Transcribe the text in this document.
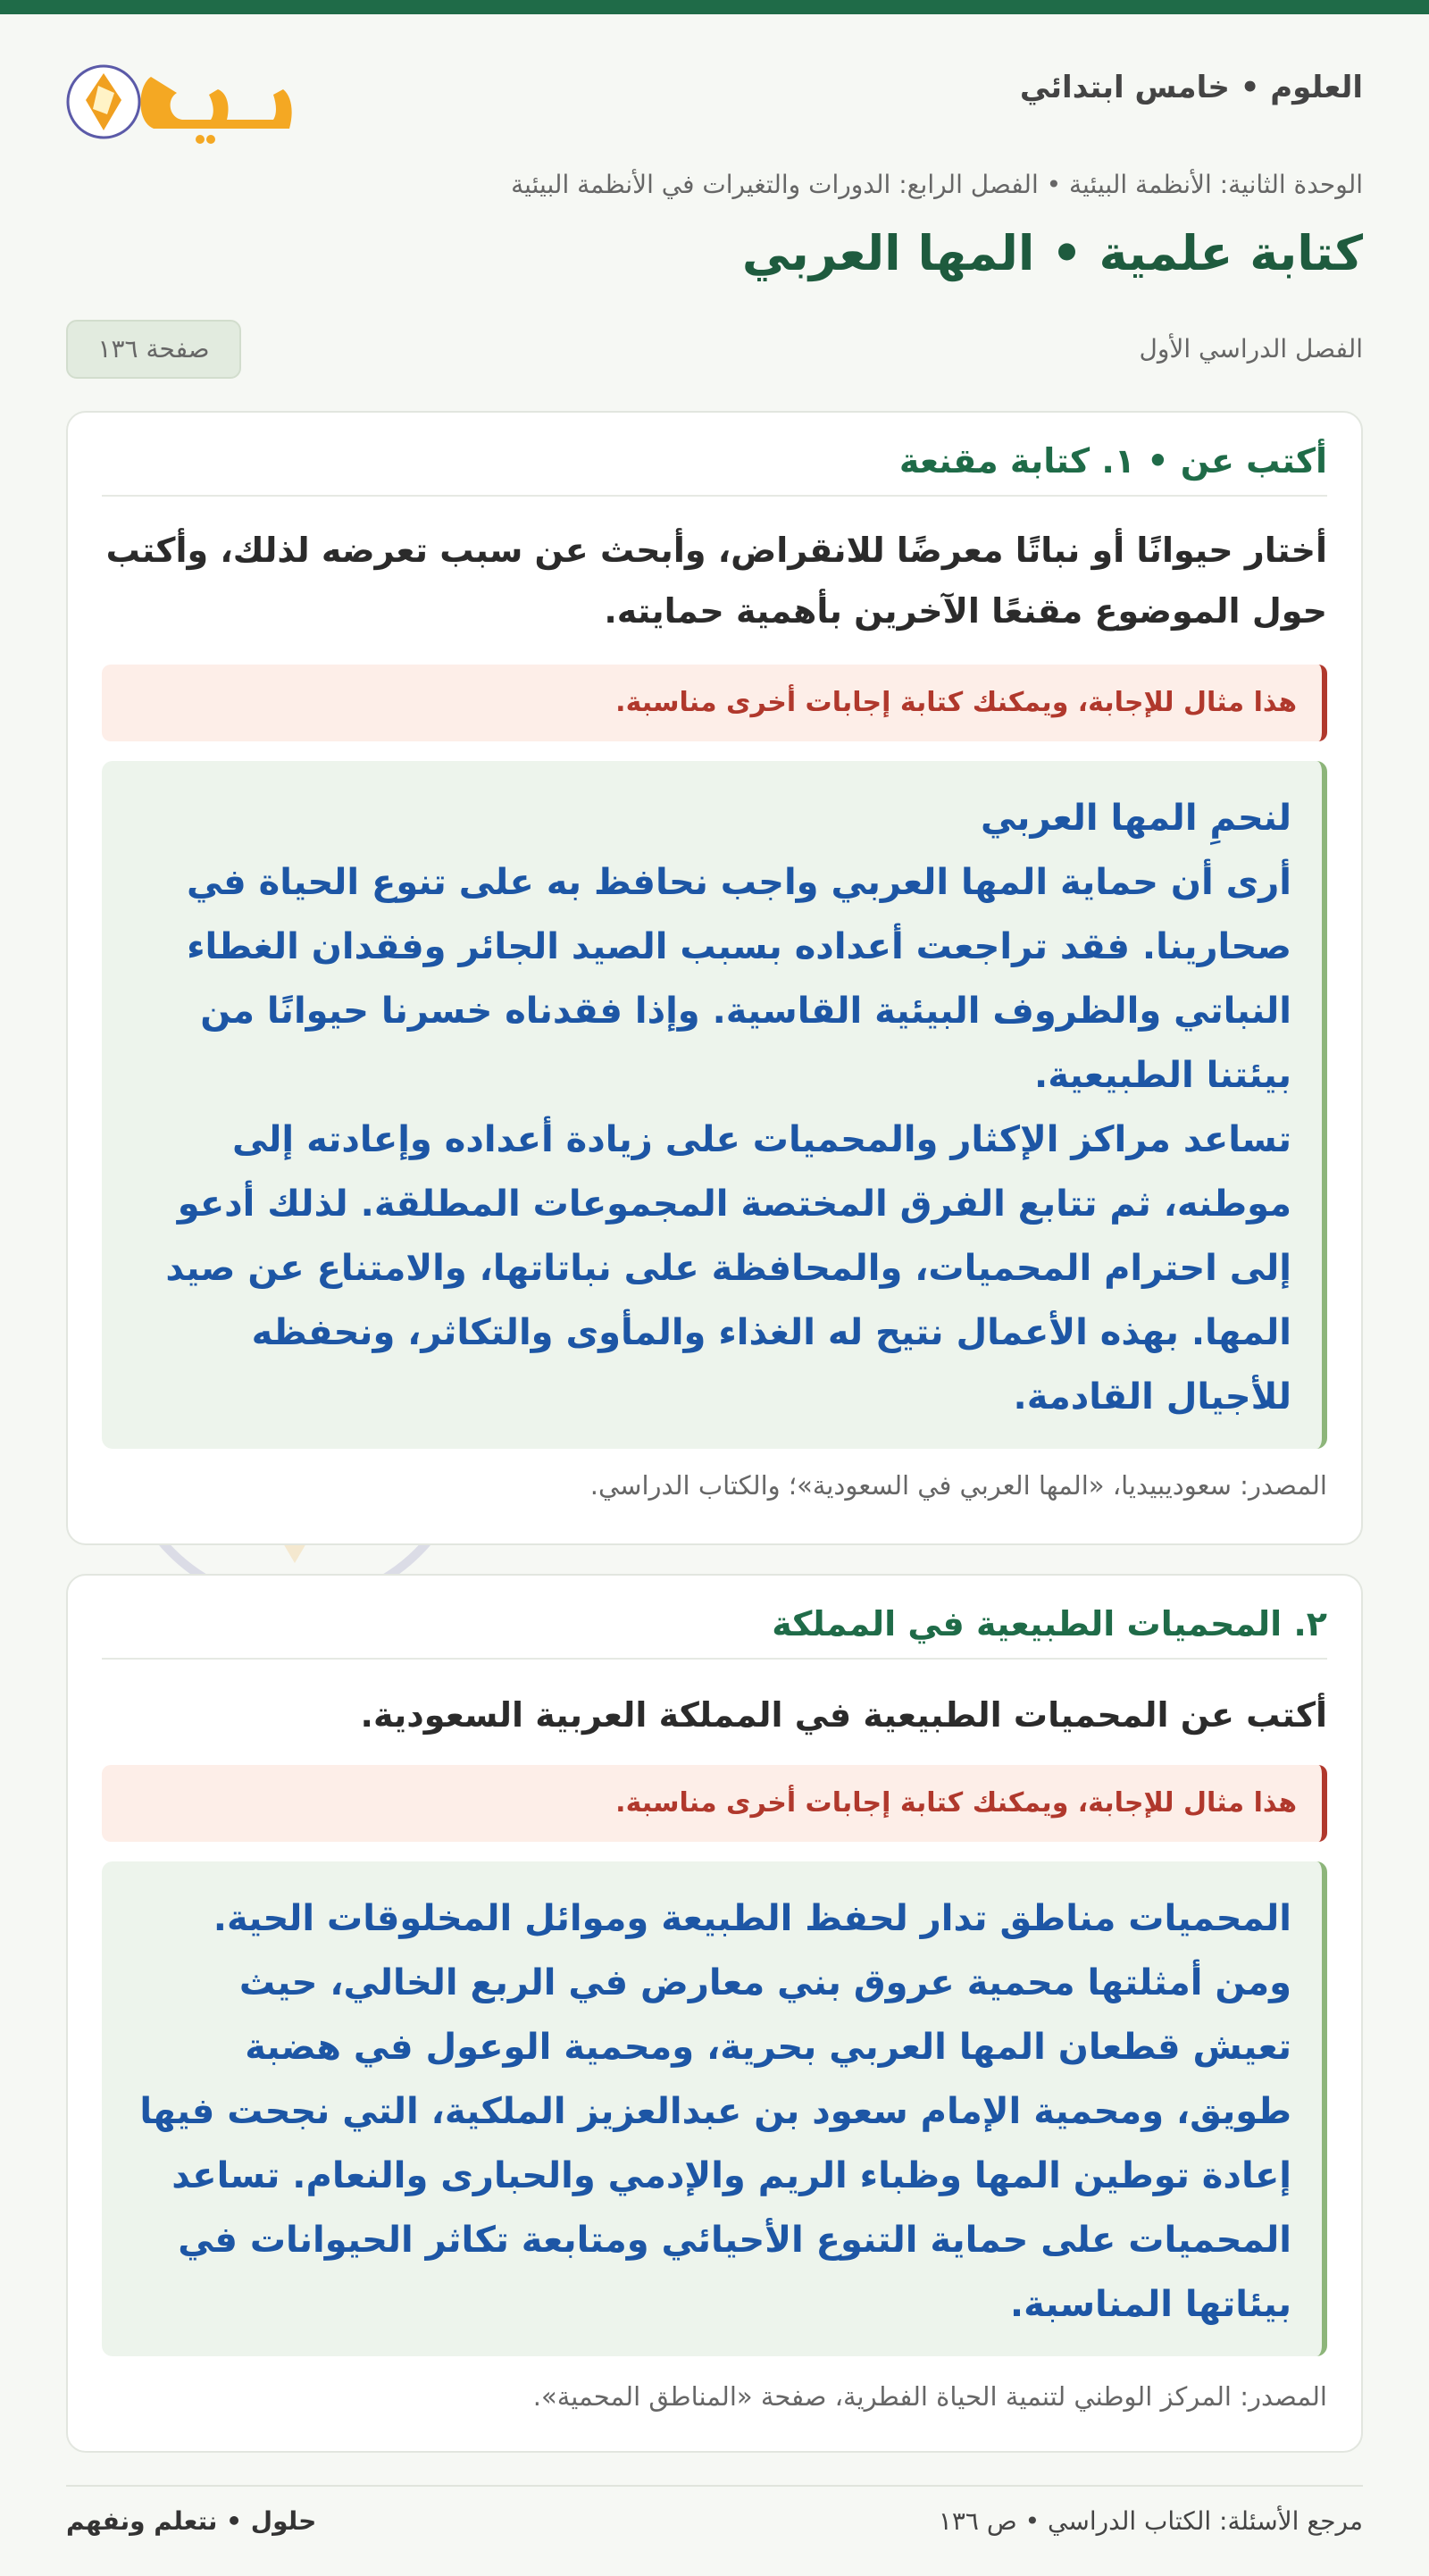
العلوم • خامس ابتدائي
الوحدة الثانية: الأنظمة البيئية • الفصل الرابع: الدورات والتغيرات في الأنظمة البيئية
كتابة علمية • المها العربي
الفصل الدراسي الأول
صفحة ١٣٦
أكتب عن • ١. كتابة مقنعة
أختار حيوانًا أو نباتًا معرضًا للانقراض، وأبحث عن سبب تعرضه لذلك، وأكتب حول الموضوع مقنعًا الآخرين بأهمية حمايته.
هذا مثال للإجابة، ويمكنك كتابة إجابات أخرى مناسبة.

لنحمِ المها العربي

أرى أن حماية المها العربي واجب نحافظ به على تنوع الحياة في صحارينا. فقد تراجعت أعداده بسبب الصيد الجائر وفقدان الغطاء النباتي والظروف البيئية القاسية. وإذا فقدناه خسرنا حيوانًا من بيئتنا الطبيعية.

تساعد مراكز الإكثار والمحميات على زيادة أعداده وإعادته إلى موطنه، ثم تتابع الفرق المختصة المجموعات المطلقة. لذلك أدعو إلى احترام المحميات، والمحافظة على نباتاتها، والامتناع عن صيد المها. بهذه الأعمال نتيح له الغذاء والمأوى والتكاثر، ونحفظه للأجيال القادمة.

المصدر: سعوديبيديا، «المها العربي في السعودية»؛ والكتاب الدراسي.
٢. المحميات الطبيعية في المملكة
أكتب عن المحميات الطبيعية في المملكة العربية السعودية.
هذا مثال للإجابة، ويمكنك كتابة إجابات أخرى مناسبة.

المحميات مناطق تدار لحفظ الطبيعة وموائل المخلوقات الحية. ومن أمثلتها محمية عروق بني معارض في الربع الخالي، حيث تعيش قطعان المها العربي بحرية، ومحمية الوعول في هضبة طويق، ومحمية الإمام سعود بن عبدالعزيز الملكية، التي نجحت فيها إعادة توطين المها وظباء الريم والإدمي والحبارى والنعام. تساعد المحميات على حماية التنوع الأحيائي ومتابعة تكاثر الحيوانات في بيئاتها المناسبة.

المصدر: المركز الوطني لتنمية الحياة الفطرية، صفحة «المناطق المحمية».
مرجع الأسئلة: الكتاب الدراسي • ص ١٣٦
حلول • نتعلم ونفهم
